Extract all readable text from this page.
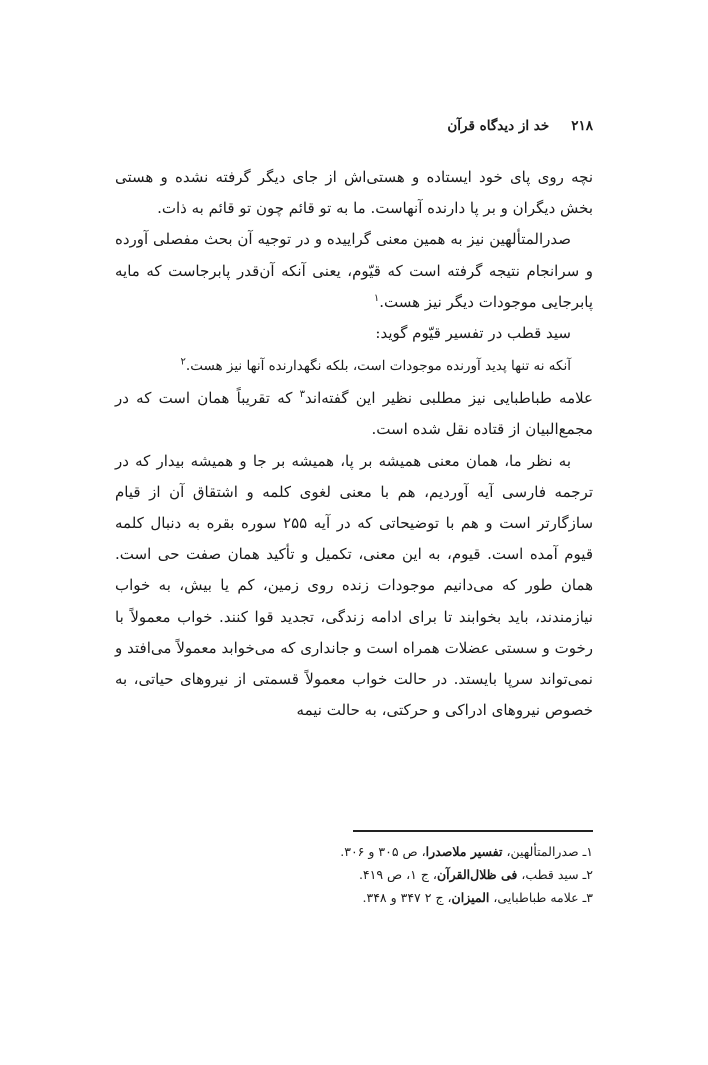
۲۱۸
خد از دیدگاه قرآن

نچه روی پای خود ایستاده و هستی‌اش از جای دیگر گرفته نشده و هستی بخش دیگران و بر پا دارنده آنهاست. ما به تو قائم چون تو قائم به ذات.

صدرالمتألهین نیز به همین معنی گراییده و در توجیه آن بحث مفصلی آورده و سرانجام نتیجه گرفته است که قیّوم، یعنی آنکه آن‌قدر پابرجاست که مایه پابرجایی موجودات دیگر نیز هست.$^۱$

سید قطب در تفسیر قیّوم گوید:

آنکه نه تنها پدید آورنده موجودات است، بلکه نگهدارنده آنها نیز هست.$^۲$

علامه طباطبایی نیز مطلبی نظیر این گفته‌اند$^۳$ که تقریباً همان است که در مجمع‌البیان از قتاده نقل شده است.

به نظر ما، همان معنی همیشه بر پا، همیشه بر جا و همیشه بیدار که در ترجمه فارسی آیه آوردیم، هم با معنی لغوی کلمه و اشتقاق آن از قیام سازگارتر است و هم با توضیحاتی که در آیه ۲۵۵ سوره بقره به دنبال کلمه قیوم آمده است. قیوم، به این معنی، تکمیل و تأکید همان صفت حی است. همان طور که می‌دانیم موجودات زنده روی زمین، کم یا بیش، به خواب نیازمندند، باید بخوابند تا برای ادامه زندگی، تجدید قوا کنند. خواب معمولاً با رخوت و سستی عضلات همراه است و جانداری که می‌خوابد معمولاً می‌افتد و نمی‌تواند سرپا بایستد. در حالت خواب معمولاً قسمتی از نیروهای حیاتی، به خصوص نیروهای ادراکی و حرکتی، به حالت نیمه

۱ـ صدرالمتألهین، تفسیر ملاصدرا، ص ۳۰۵ و ۳۰۶.
۲ـ سید قطب، فی ظلال‌القرآن، ج ۱، ص ۴۱۹.
۳ـ علامه طباطبایی، المیزان، ج ۲ ۳۴۷ و ۳۴۸.
